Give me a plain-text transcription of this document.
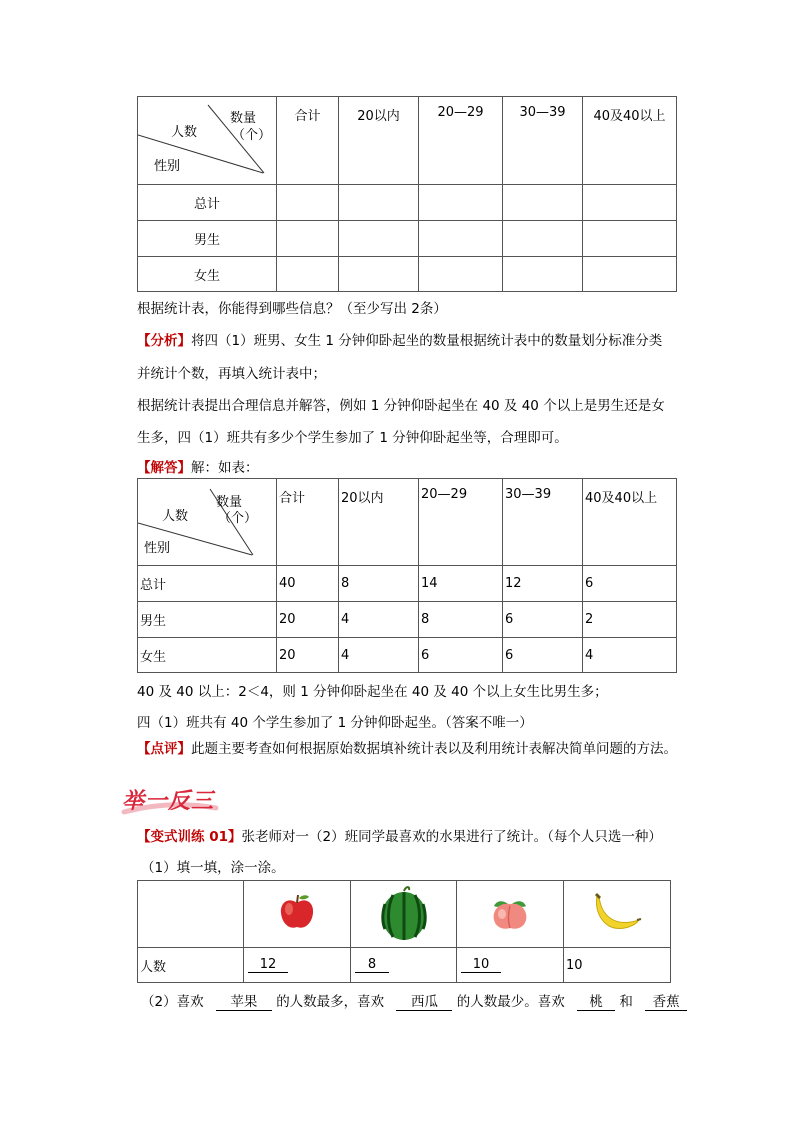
数量
（个）
人数
性别	合计	20以内	20—29	30—39	40及40以上
总计					
男生					
女生					
根据统计表，你能得到哪些信息？（至少写出 2条）
【分析】将四（1）班男、女生 1 分钟仰卧起坐的数量根据统计表中的数量划分标准分类
并统计个数，再填入统计表中；
根据统计表提出合理信息并解答，例如 1 分钟仰卧起坐在 40 及 40 个以上是男生还是女
生多，四（1）班共有多少个学生参加了 1 分钟仰卧起坐等，合理即可。
【解答】解：如表：
数量
（个）
人数
性别	合计	20以内	20—29	30—39	40及40以上
总计	40	8	14	12	6
男生	20	4	8	6	2
女生	20	4	6	6	4
40 及 40 以上：2＜4，则 1 分钟仰卧起坐在 40 及 40 个以上女生比男生多；
四（1）班共有 40 个学生参加了 1 分钟仰卧起坐。（答案不唯一）
【点评】此题主要考查如何根据原始数据填补统计表以及利用统计表解决简单问题的方法。
举一反三
【变式训练 01】张老师对一（2）班同学最喜欢的水果进行了统计。（每个人只选一种）
（1）填一填，涂一涂。

人数	12	8	10	10
（2）喜欢 苹果 的人数最多，喜欢 西瓜 的人数最少。喜欢 桃 和 香蕉
